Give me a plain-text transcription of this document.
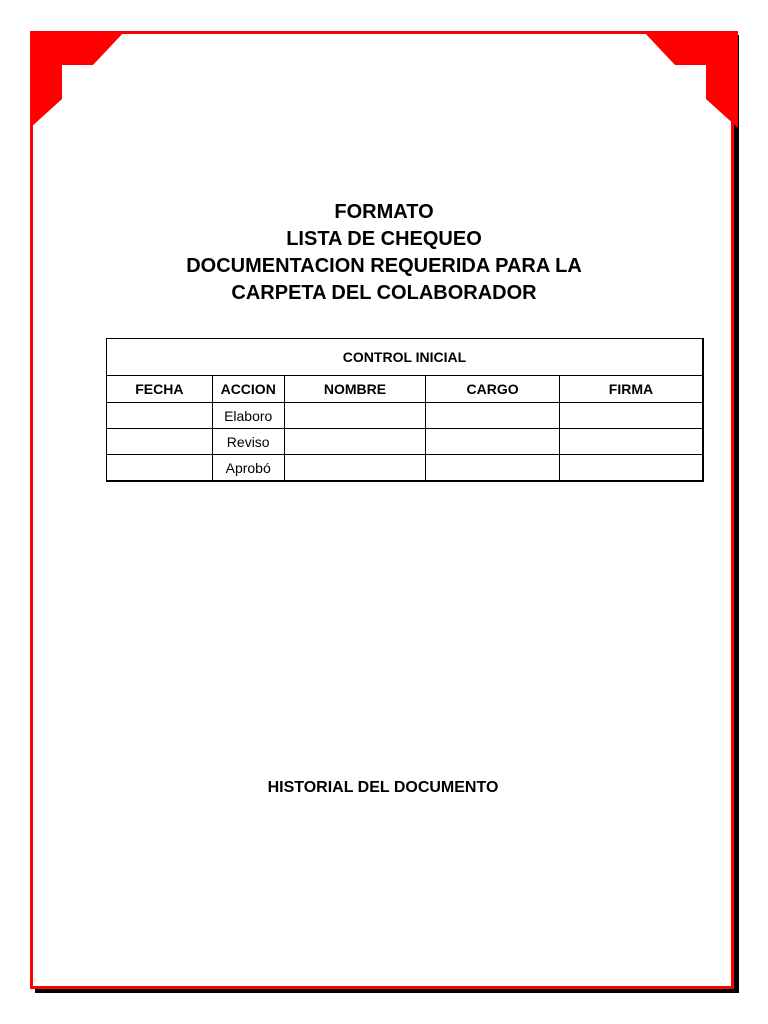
FORMATO
LISTA DE CHEQUEO
DOCUMENTACION REQUERIDA PARA LA
CARPETA DEL COLABORADOR
CONTROL INICIAL				
FECHA	ACCION	NOMBRE	CARGO	FIRMA
	Elaboro			
	Reviso			
	Aprobó			
HISTORIAL DEL DOCUMENTO
